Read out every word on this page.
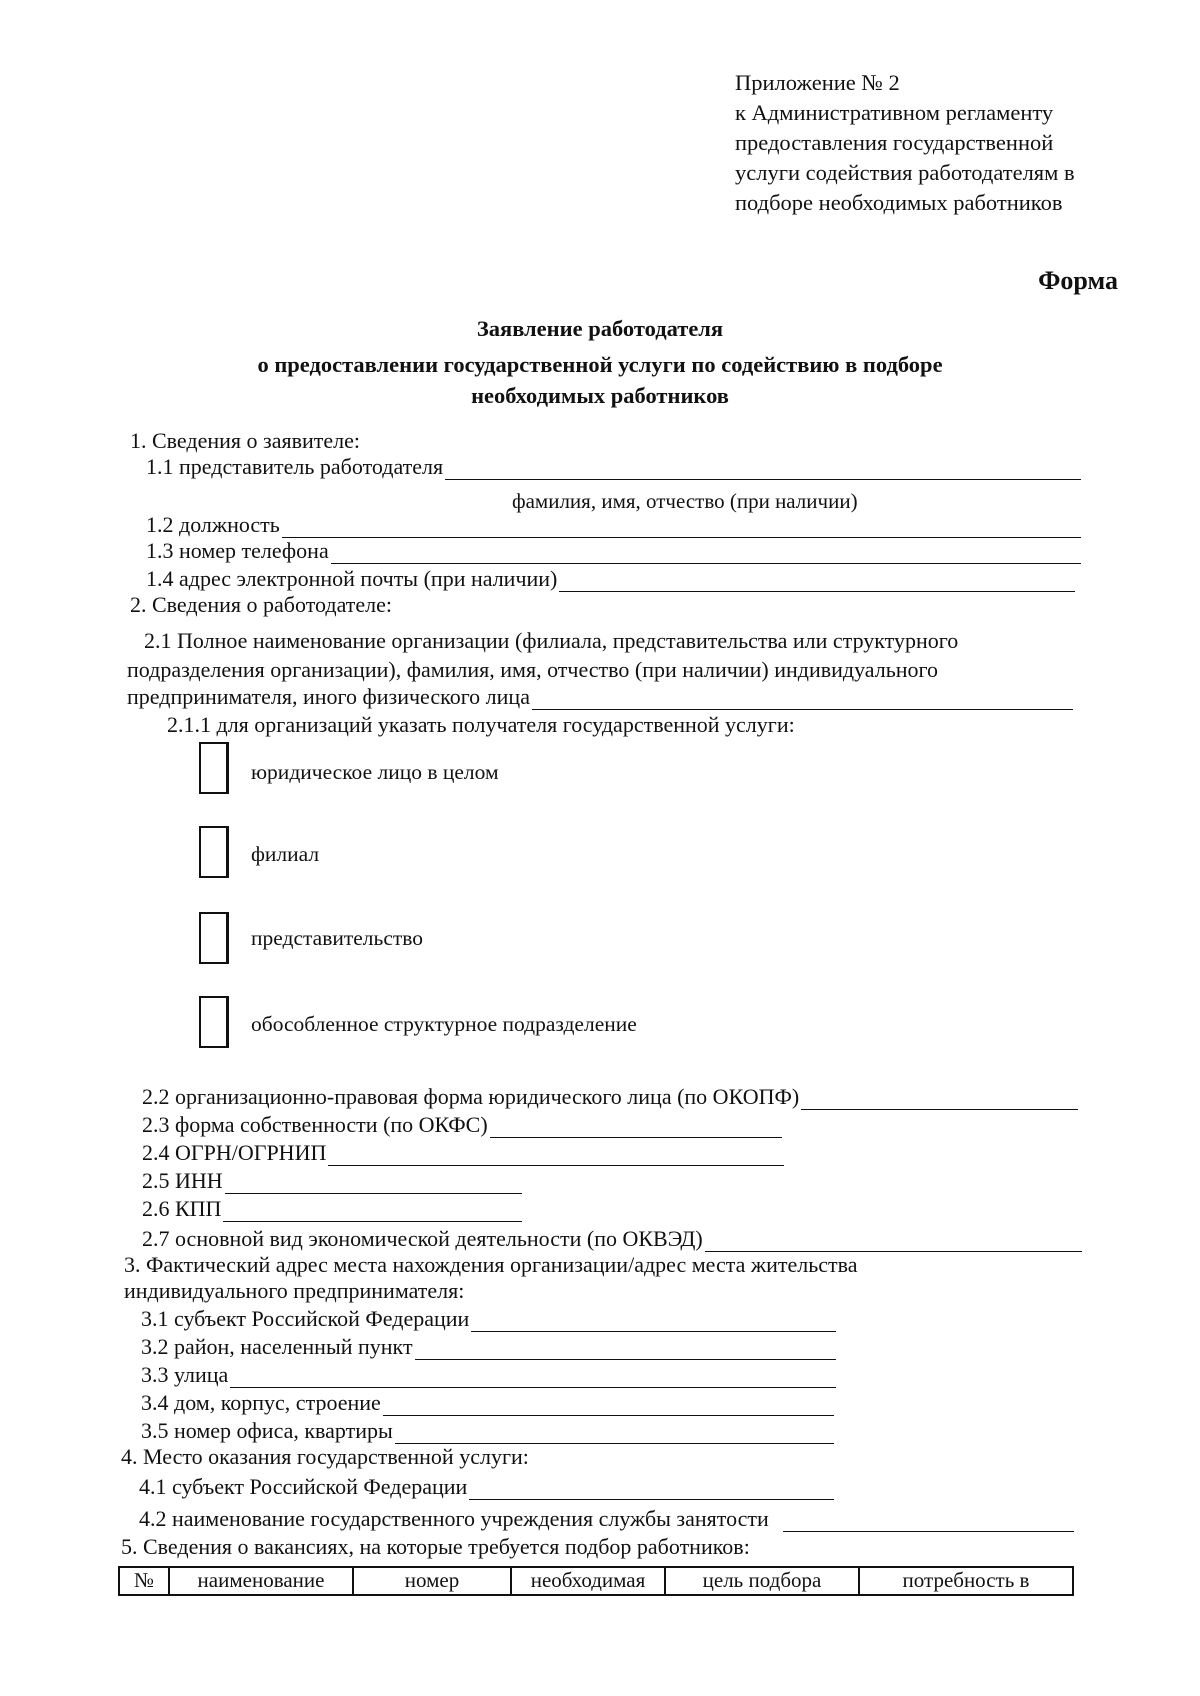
Приложение № 2
к Административном регламенту
предоставления государственной
услуги содействия работодателям в
подборе необходимых работников
Форма
Заявление работодателя
о предоставлении государственной услуги по содействию в подборе
необходимых работников
1. Сведения о заявителе:
1.1 представитель работодателя
фамилия, имя, отчество (при наличии)
1.2 должность
1.3 номер телефона
1.4 адрес электронной почты (при наличии)
2. Сведения о работодателе:
2.1 Полное наименование организации (филиала, представительства или структурного
подразделения организации), фамилия, имя, отчество (при наличии) индивидуального
предпринимателя, иного физического лица
2.1.1 для организаций указать получателя государственной услуги:
юридическое лицо в целом
филиал
представительство
обособленное структурное подразделение
2.2 организационно-правовая форма юридического лица (по ОКОПФ)
2.3 форма собственности (по ОКФС)
2.4 ОГРН/ОГРНИП
2.5 ИНН
2.6 КПП
2.7 основной вид экономической деятельности (по ОКВЭД)
3. Фактический адрес места нахождения организации/адрес места жительства
индивидуального предпринимателя:
3.1 субъект Российской Федерации
3.2 район, населенный пункт
3.3 улица
3.4 дом, корпус, строение
3.5 номер офиса, квартиры
4. Место оказания государственной услуги:
4.1 субъект Российской Федерации
4.2 наименование государственного учреждения службы занятости
5. Сведения о вакансиях, на которые требуется подбор работников:
№	наименование	номер	необходимая	цель подбора	потребность в
